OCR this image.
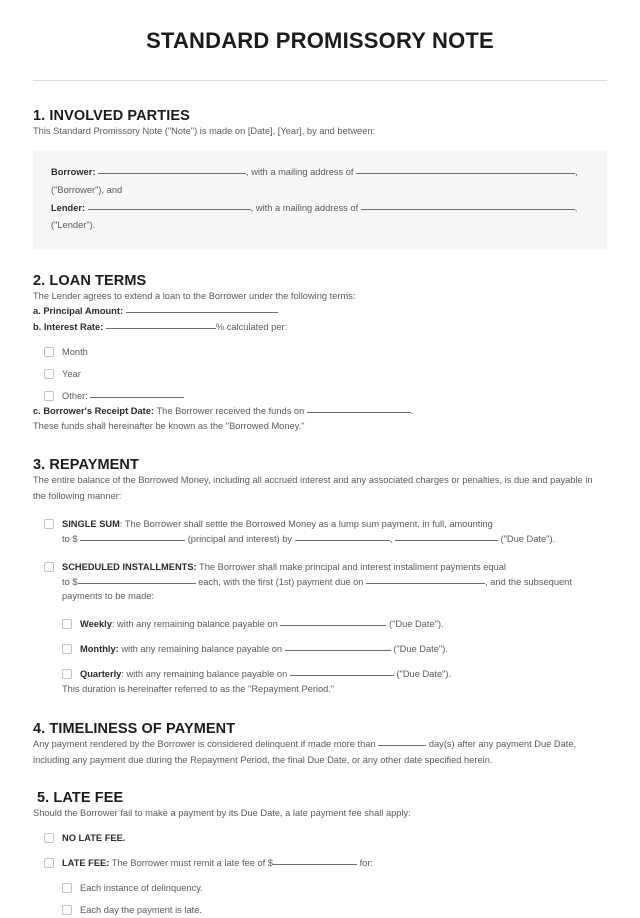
STANDARD PROMISSORY NOTE
1. INVOLVED PARTIES

This Standard Promissory Note ("Note") is made on [Date], [Year], by and between:

Borrower:	, with a mailing address of	,
("Borrower"), and
Lender:	, with a mailing address of	,
("Lender").
2. LOAN TERMS

The Lender agrees to extend a loan to the Borrower under the following terms:

a. Principal Amount:

b. Interest Rate:	% calculated per:

Month
Year
Other:

c. Borrower's Receipt Date: The Borrower received the funds on	.

These funds shall hereinafter be known as the "Borrowed Money."

3. REPAYMENT

The entire balance of the Borrowed Money, including all accrued interest and any associated charges or penalties, is due and payable in the following manner:

SINGLE SUM: The Borrower shall settle the Borrowed Money as a lump sum payment, in full, amounting
to $	(principal and interest) by	,	("Due Date").
SCHEDULED INSTALLMENTS: The Borrower shall make principal and interest installment payments equal
to $	each, with the first (1st) payment due on	, and the subsequent
payments to be made:
Weekly: with any remaining balance payable on	("Due Date").
Monthly: with any remaining balance payable on	("Due Date").
Quarterly: with any remaining balance payable on	("Due Date").

This duration is hereinafter referred to as the "Repayment Period."

4. TIMELINESS OF PAYMENT

Any payment rendered by the Borrower is considered delinquent if made more than	day(s) after any payment Due Date, including any payment due during the Repayment Period, the final Due Date, or any other date specified herein.

5. LATE FEE

Should the Borrower fail to make a payment by its Due Date, a late payment fee shall apply:

NO LATE FEE.
LATE FEE: The Borrower must remit a late fee of $	for:
Each instance of delinquency.
Each day the payment is late.
